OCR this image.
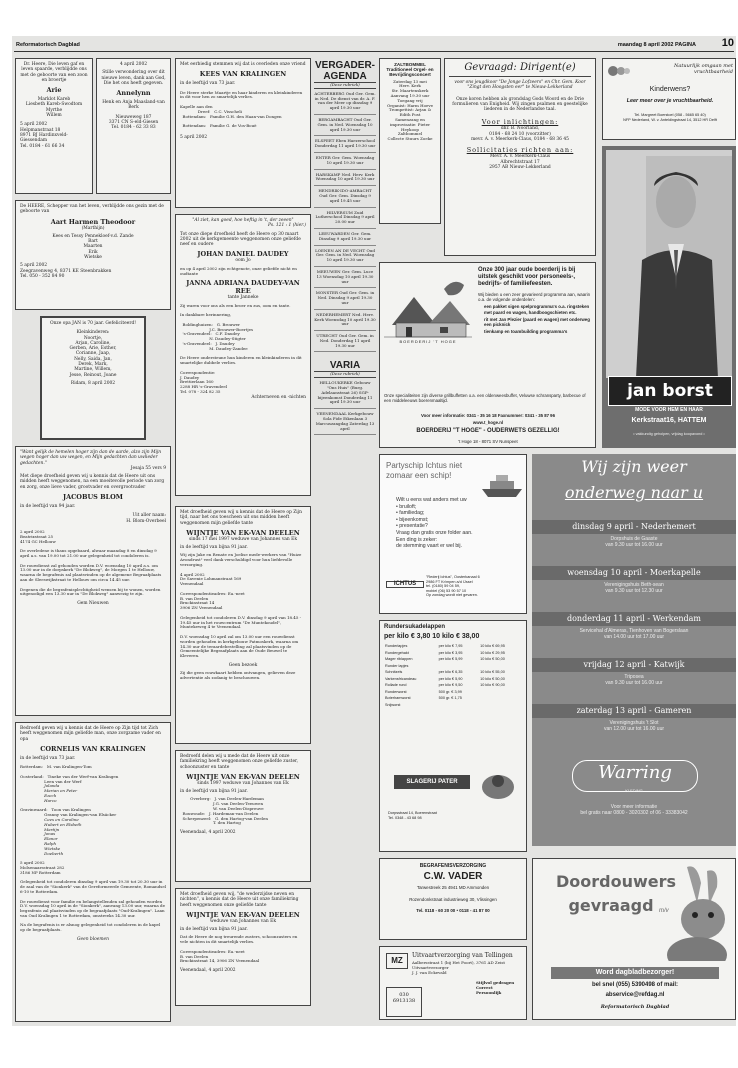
Reformatorisch Dagblad	maandag 8 april 2002 PAGINA 10
Dr. Heere, Die leven gaf en leven spaarde, verblijdde ons met de geboorte van een zoon en broertje
Arie
Marklot Kareb
Liesbeth Kareb-Swodtom
Myrthe
Willem
5 april 2002
Helpmanstraat 18
8971 BJ Hardinxveld-Giessendam
Tel. 0184 - 61 66 34
4 april 2002
Stille verwondering over dit nieuwe leven, dank aan God, Die het ons heeft gegeven.
Annelynn
Henk en Anja Maasland-van Berk
Nieuweweg 187
3371 CN S-eld-Giesen
Tel. 0184 - 62 33 83
De HEERE, Schepper van het leven, verblijdde ons gezin met de geboorte van
Aart Harmen Theodoor
(Marthijn)
Kees en Tessy Pennekloef-v.d. Zande
Bart
Maarten
Erik
Wietske
5 april 2002
Zeegravenweg 4, 8371 KE Steenbrakken
Tel. 050 - 352 84 90
Onze opa JAN is 70 jaar. Gefeliciteerd!
Kleinkinderen:
Noortje,
Arjan, Caroline,
Gerben, Arie, Esther,
Corianne, Jaap,
Nelly, Saida, Jan,
Derek, Mark,
Martine, Willem,
Jesse, Reinout, Joane
Ridam, 8 april 2002
"Want gelijk de hemelen hoger zijn dan de aarde, alzo zijn Mijn wegen hoger dan uw wegen, en Mijn gedachten dan uwlieder gedachten."
Jesaja 55 vers 9
Met diepe droefheid geven wij u kennis dat de Heere uit ons midden heeft weggenomen, na een moeitevolle periode van zorg en zorg, onze lieve vader, grootvader en overgrootvader
JACOBUS BLOM
in de leeftijd van 94 jaar.
Uit aller naam:
H. Blom-Overbeel
2 april 2002
Beatrixstraat 25
4174 GC Hellouw

De overledene is thans opgebaard, alwaar maandag 8 en dinsdag 9 april a.s. van 19.00 tot 21.00 uur gelegenheid tot condoleren is.

De rouwdienst zal gehouden worden D.V. woensdag 10 april a.s. om 13.00 uur in de dorpskerk "De Blokweg", de Morgen 1 te Hellouw, waarna de begrafenis zal plaatsvinden op de algemene Begraafplaats aan de Sleeswijkstraat te Hellouw om circa 14.45 uur.

Degenen die de begrafenisplechtigheid wensen bij te wonen, worden uitgenodigd een 13.30 uur in "De Blokweg" aanwezig te zijn.
Gem Nieuwen
Bedroefd geven wij u kennis dat de Heere op Zijn tijd tot Zich heeft weggenomen mijn geliefde man, onze zorgzame vader en opa
CORNELIS VAN KRALINGEN
in de leeftijd van 73 jaar.
Rotterdam:   M. van Kralingen-Tom

Oosterland:   Tineke van der Werf-van Kralingen
Leen van der Werf
Jolanda
Marian en Peter
Ezech
Harco

Gravinwaard:   Toon van Kralingen
Granny van Kralingen-van Elsäcker
Cees en Caroline
Hubert en Elsbeth
Martijn
Jonas
Elanor
Ralph
Wietske
Doeberth

5 april 2002
Molsenaarsstraat 282
3186 NP Rotterdam

Gelegenheid tot condoleren dinsdag 9 april van 19.30 tot 20.30 uur in de zaal van de "Sionkerk" van de Gereformeerde Gemeente, Romandsel 6-10 te Rotterdam.

De rouwdienst voor familie en belangstellenden zal gehouden worden D.V. woensdag 10 april in de "Sionkerk", aanvang 13.00 uur, waarna de begrafenis zal plaatsvinden op de begraafplaats "Oud-Kralingen". Laan van Oud Kralingen 1 te Rotterdam, omstreeks 14.30 uur.

Na de begrafenis is er alsnog gelegenheid tot condoleren in de kapel op de begraafplaats.
Geen bloemen
Met eerbiedig stemmen wij dat is overleden onze vriend
KEES VAN KRALINGEN
in de leeftijd van 73 jaar.
De Heere sterke Maartje en haar kinderen en kleinkinderen in dit voor hen zo smartelijk verlies.

Kapelle aan den
Dreef:   C.C. Visscheli
Bottendam:   Familie G.H. den Haan-van Dongen

Bottendam:   Familie G. de Vos-Bouè
5 april 2002
"Al ziet, kan goed, hoe heftig in 't, der zeeen"
Ps. 121 : 1 (hier.)
Tot onze diepe droefheid heeft de Heere op 30 maart 2002 uit de kerkgemeente weggenomen onze geliefde neef en oudere
JOHAN DANIEL DAUDEY
oom Jo
en op 4 april 2002 zijn echtgenote, onze geliefde nicht en oudtante
JANNA ADRIANA DAUDEY-VAN REE
tante Janneke
Zij waren voor ons als een broer en zus, oom en tante.

In dankbare herinnering,

Boldinghuizen:   G. Brouwer
J.C. Brouwer-Boertjes
's-Gravendeel:   C.F. Daudey
N. Daudey-Stigter
's-Gravendeel:   J. Daudey
M. Daudey-Zandee

De Heere ondersteune hun kinderen en kleinkinderen in dit smartelijke dubbele verlies.

Correspondentie:
J. Daudey
Brettierlaan 160
2288 HR 's-Gravendeel
Tel. 078 - 324 82 35
Achterneven en -nichten
Met droefheid geven wij u kennis dat de Heere op Zijn tijd, naar het ons toescheen uit ons midden heeft weggenomen mijn geliefde tante
WIJNTJE VAN EK-VAN DEELEN
sinds 17 mei 1997 weduwe van Johannes van Ek
in de leeftijd van bijna 91 jaar.
Wij zijn Jake en Renate en Joelise mede-werkers van "Huize Avondrust" veel dank verschuldigd voor hun liefdevolle verzorging.

4 april 2002
De Savenie Lohmanstraat 169
Veenendaal

Correspondentieadres: Ea.-neet
B. van Deelen
Bruckinstraat 14
3906 ZN Veenendaal

Gelegenheid tot condoleren D.V. dinsdag 9 april van 18.45 - 19.45 uur in het rouwcentrum "De Muntekoudel", Muntekeweg 4 te Veenendaal.

D.V. woensdag 10 april zal om 13.00 uur een rouwdienst worden gehouden in kerkgebouw Patmoskerk, waarna om 14.30 uur de teraardebestelling zal plaatsvinden op de Gemeentelijke Begraafplaats aan de Oude Beuwel te Kleveren.
Geen bezoek
Zij die geen rouwkaart hebben ontvangen, gelieven deze advertentie als zodanig te beschouwen.
Bedroefd delen wij u mede dat de Heere uit onze familiekring heeft weggenomen onze geliefde zuster, schoonzuster en tante
WIJNTJE VAN EK-VAN DEELEN
sinds 1997 weduwe van Johannes van Ek
in de leeftijd van bijna 91 jaar.
Overberg:   J. van Deelen-Hardeman
J.G. van Deelen-Teeuwen
W. van Deelen-Dispreuve
Rouwoude:   J. Hardeman-van Deelen
Scherpenzeel:   G. den Hartog-van Deelen
T. den Hartog
Veenendaal, 4 april 2002
Met droefheid geven wij, "de wederzijdse neven en nichten", u kennis dat de Heere uit onze familiekring heeft weggenomen onze geliefde tante
WIJNTJE VAN EK-VAN DEELEN
weduwe van Johannes van Ek
in de leeftijd van bijna 91 jaar.
Dat de Heere de nog treurende zusters, schoonzusters en vele nichten in dit smartelijk verlies.

Correspondentieadres: Ea.-neet
B. van Deelen
Bruckinstraat 14, 3906 ZN Veenendaal
Veenendaal, 4 april 2002
VERGADER-AGENDA
(Deze rubriek)
ACHTERBERG Oud Ger. Gem. in Ned. De dienst van dr. A. F. van der Meer op dinsdag 9 april 19.30 uur
BERGAMBACHT Oud Ger. Gem. in Ned. Woensdag 10 april 19.30 uur
ELSPEET Eben Haezerschool Donderdag 11 april 19.30 uur
ENTER Ger. Gem. Woensdag 10 april 19.30 uur
HARSKAMP Ned. Herv. Kerk Woensdag 10 april 19.30 uur
HENDRIK-IDO-AMBACHT Oud Ger. Gem. Dinsdag 9 april 19.45 uur
HILVERSUM Zuid Lutherschool Dinsdag 9 april 20.00 uur
LEEUWARDEN Ger. Gem. Dinsdag 9 april 19.30 uur
LOENEN AN DE VECHT Oud Ger. Gem. in Ned. Woensdag 10 april 19.30 uur
MEEUWEN Ger. Gem. Luce 13 Woensdag 10 april 19.30 uur
MONSTER Oud Ger. Gem. in Ned. Dinsdag 9 april 19.30 uur
NEDERHEMERT Ned. Herv. Kerk Woensdag 10 april 19.30 uur
UTRECHT Oud Ger. Gem. in Ned. Donderdag 11 april 19.30 uur
VARIA
(Deze rubriek)
HELLOUKERKE Gebouw "Ons Huis" (Burg. Adelaanstraat 26) SGP-bijeenkomst Donderdag 11 april 19.30 uur
VEENENDAAL Kerkgebouw Sola Fide Eikenlaan 3 Marcuszangdag Zaterdag 13 april
ZALTBOMMEL Traditioneel Orgel- en Bevrijdingsconcert
Zaterdag 13 mei
Herv. Kerk
Str. Maartenskerk
Aanvang 19.30 uur
Toegang vrij
Organist: Harm Hoeve
Trompettist: Arjan & Edith Post
Samenzang en improvisatie: Pieter Heykoop
Zaltbommel
Collecte Stuurs Zoeke
Gevraagd: Dirigent(e)
voor ons jeugdkoor "De Jonge Lofzeers" en Chr. Gem. Koor "Zingt den Hoogsten eer" te Nieuw-Lekkerland
Onze koren hebben als grondslag Gods Woord en de Drie formulieren van Enigheid. Wij zingen psalmen en geestelijke liederen in de Nederlandse taal.
Voor inlichtingen:
dhr. B. Noorland,
0184 - 68 24 10 (voorzitter)
mevr. A. v. Meerkerk-Claus, 0184 - 68 36 45
Sollicitaties richten aan:
Mevr. A. v. Meerkerk-Claus
Albrechtstraat 17
2957 AB Nieuw-Lekkerland
BOERDERIJ 'T HOGE
Onze 300 jaar oude boerderij is bij uitstek geschikt voor personeels-, bedrijfs- of familiefeesten.
Wij bieden u een zeer gevarieerd programma aan, waarin o.a. de volgende onderdelen:
een pakket sigen spelprogramma's o.a. ringsteken met paard en wagen, handboogschieten etc.
rit met Jan Plezier (paard en wagen) met onderweg een picknick
tienkamp en toambuilding programma's
Onze specialiteiten zijn diverse grillbuffetten o.a. een oldenweesbuffet, Veluwse schransparty, barbecue of een middeleeuws boerenmaaltijd.
Voor meer informatie: 0341 - 35 16 18 Faxnummer: 0341 - 35 87 96
www.t_hoge.nl
BOERDERIJ "T HOGE" - OUDERWETS GEZELLIG!
't Hoge 18 - 8071 SV Nunspeet
Partyschip Ichtus niet zomaar een schip!
Wilt u eens wat anders met uw
• bruiloft;
• familiedag;
• bijeenkomst;
• presentatie?
Vraag dan gratis onze folder aan.
Een ding is zeker:
de stemming vaart er wel bij.
ICHTUS
"Rederij Ichtus", Oosterkanaal 6
2986 FT Kr/mpen a/d IJssel
tel. (0180) 59 04 59,
mobiel (06) 53 90 57 10
Op zondag wordt niet gevaren.
Rundersukadelappen
per kilo € 3,80 10 kilo € 38,00
Runderlapjes	per kilo € 7,95	10 kilo € 69,95
Rundergehakt	per kilo € 3,95	10 kilo € 29,95
Mager riblappen	per kilo € 5,99	10 kilo € 50,00
Runder lapjes		
Schnitzels	per kilo € 6,35	10 kilo € 55,00
Varkensfricandeau	per kilo € 5,90	10 kilo € 50,00
Rollade rund	per kilo € 9,50	10 kilo € 90,00
Runderworst	500 gr. € 3,99	
Boterhamworst	500 gr. € 1,75	
Snijworst		
SLAGERIJ PATER
Dorpsstraat 14, Boerenstraat
Tel. 0348 - 43 68 98
BEGRAFENISVERZORGING
C.W. VADER
Tarwestreek 25 4941 MD Ammonden
Rozendonkstraat industrieweg 30, Vlissingen
Tel. 0118 - 60 20 00 • 0118 - 41 87 00
MZ
Uitvaartverzorging van Tellingen
Aalbersstraat 1 (bij Het Poort), 3761 AD Zeist
Uitvaartverzorger
J. J. van Eckevald
Stijlvol gedragen
Correct
Persoonlijk
030
6913138
Natuurlijk omgaan met vruchtbaarheid
Kinderwens?
Leer meer over je vruchtbaarheid.
Tel. Margreet Boerstoel (058 - 5665 65 40)
NFP Nederland, W. v. Anteldingstraat 14, 3512 HR Delft
jan borst
MODE VOOR HEM EN HAAR
Kerkstraat16, HATTEM
• vakkundig geholpen, vrijdag koopavond •
Wij zijn weer
onderweg naar u
dinsdag 9 april - Nederhemert
Dorpshuis de Gaaste
van 9.30 uur tot 16.00 uur
woensdag 10 april - Moerkapelle
Verenigingshuis Beth-sean
van 9.30 uur tot 12.30 uur
donderdag 11 april - Werkendam
Servicehal d'Almeras, Tienhoven van Bogerslaan
van 14.00 uur tot 17.00 uur
vrijdag 12 april - Katwijk
Triposea
van 9.30 uur tot 16.00 uur
zaterdag 13 april - Gameren
Verenigingshuis 't Slot
van 12.00 uur tot 16.00 uur
Warring
KLEDING
Voor meer informatie
bel gratis naar 0800 - 3020302 of 06 - 33383042
Doordouwers
gevraagd m/v
Word dagbladbezorger!
bel snel (055) 5390498 of mail:
abservice@refdag.nl
Reformatorisch Dagblad
